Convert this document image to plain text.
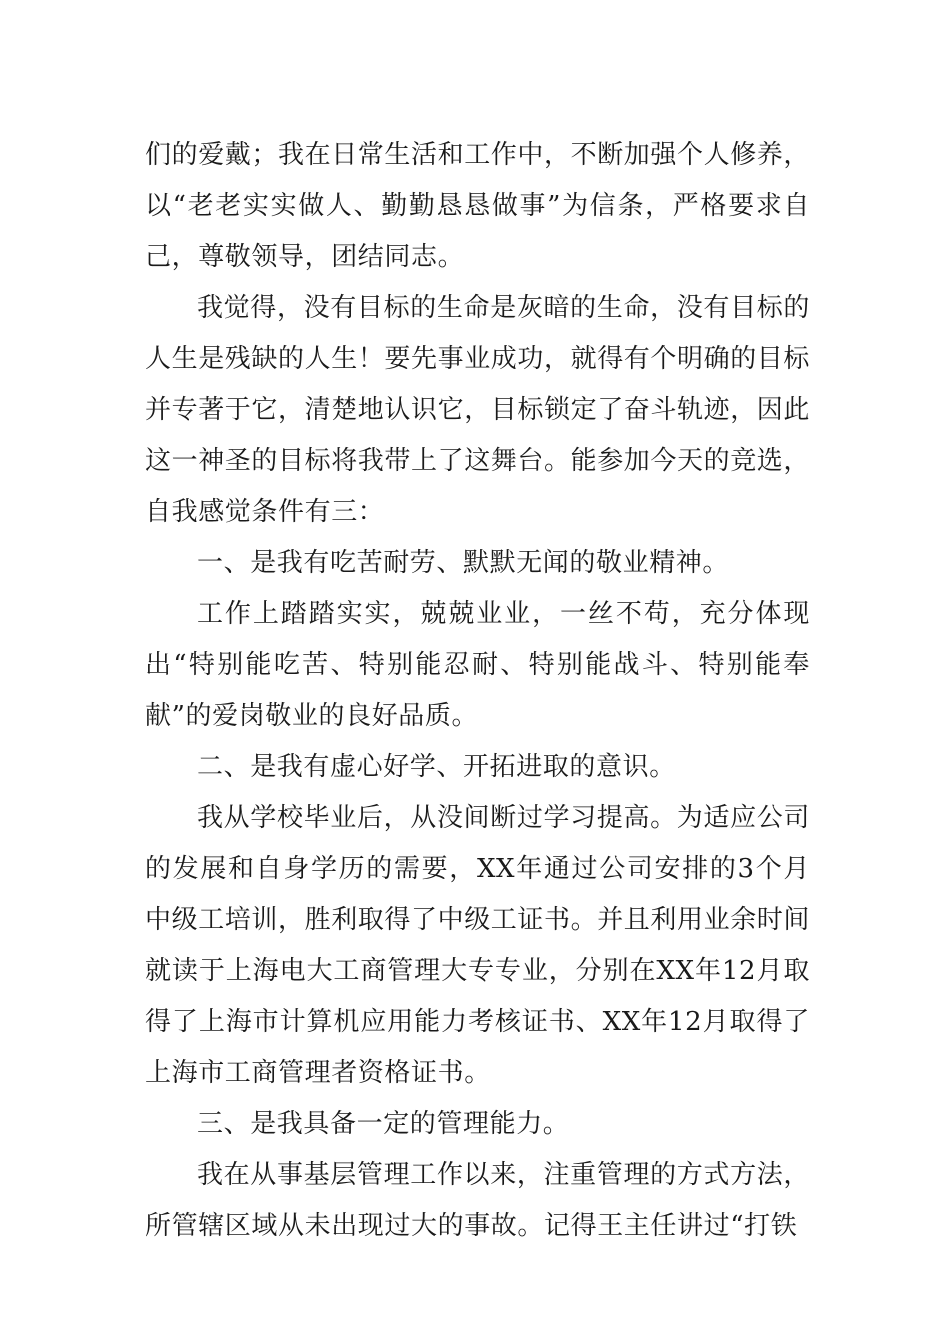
们的爱戴；我在日常生活和工作中，不断加强个人修养，以“老老实实做人、勤勤恳恳做事”为信条，严格要求自己，尊敬领导，团结同志。

我觉得，没有目标的生命是灰暗的生命，没有目标的人生是残缺的人生！要先事业成功，就得有个明确的目标并专著于它，清楚地认识它，目标锁定了奋斗轨迹，因此这一神圣的目标将我带上了这舞台。能参加今天的竞选，自我感觉条件有三：

一、是我有吃苦耐劳、默默无闻的敬业精神。

工作上踏踏实实，兢兢业业，一丝不苟，充分体现出“特别能吃苦、特别能忍耐、特别能战斗、特别能奉献”的爱岗敬业的良好品质。

二、是我有虚心好学、开拓进取的意识。

我从学校毕业后，从没间断过学习提高。为适应公司的发展和自身学历的需要，XX年通过公司安排的3个月中级工培训，胜利取得了中级工证书。并且利用业余时间就读于上海电大工商管理大专专业，分别在XX年12月取得了上海市计算机应用能力考核证书、XX年12月取得了上海市工商管理者资格证书。

三、是我具备一定的管理能力。

我在从事基层管理工作以来，注重管理的方式方法，所管辖区域从未出现过大的事故。记得王主任讲过“打铁
